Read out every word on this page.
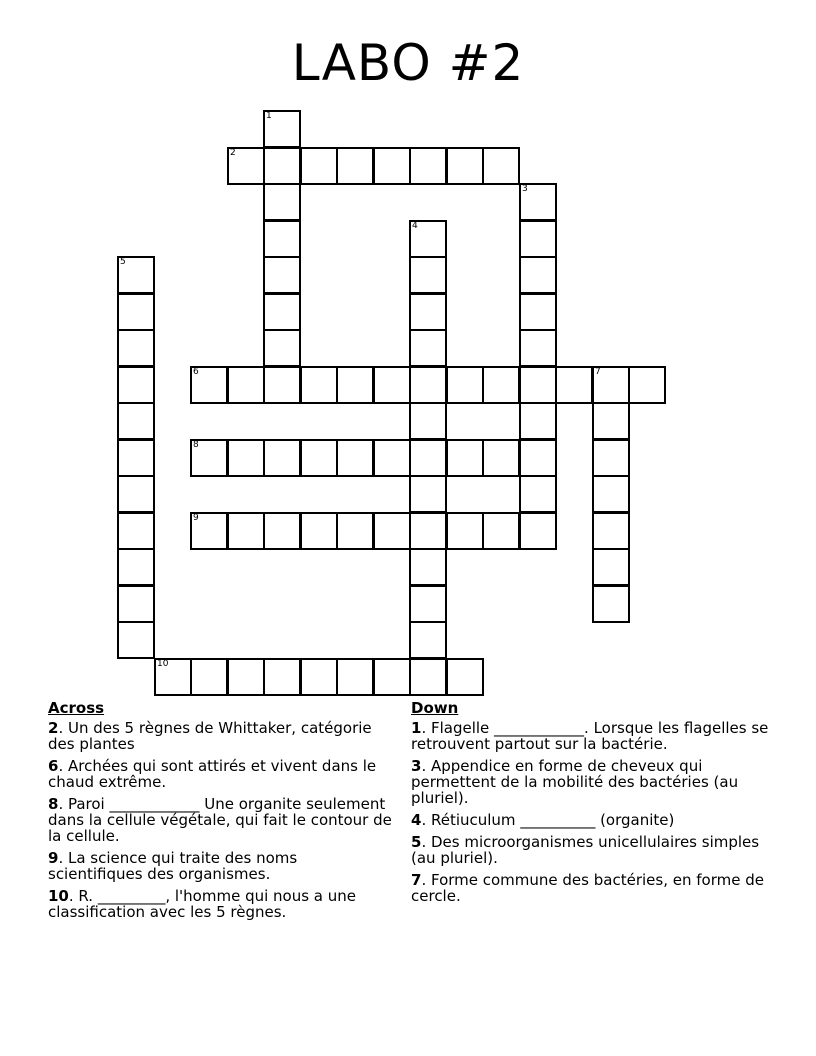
LABO #2
1
2
3
4
5
6	7
8
9
10
Across
2. Un des 5 règnes de Whittaker, catégorie des plantes
6. Archées qui sont attirés et vivent dans le chaud extrême.
8. Paroi ____________ Une organite seulement dans la cellule végétale, qui fait le contour de la cellule.
9. La science qui traite des noms scientifiques des organismes.
10. R. _________, l'homme qui nous a une classification avec les 5 règnes.
Down
1. Flagelle ____________. Lorsque les flagelles se retrouvent partout sur la bactérie.
3. Appendice en forme de cheveux qui permettent de la mobilité des bactéries (au pluriel).
4. Rétiuculum __________ (organite)
5. Des microorganismes unicellulaires simples (au pluriel).
7. Forme commune des bactéries, en forme de cercle.
